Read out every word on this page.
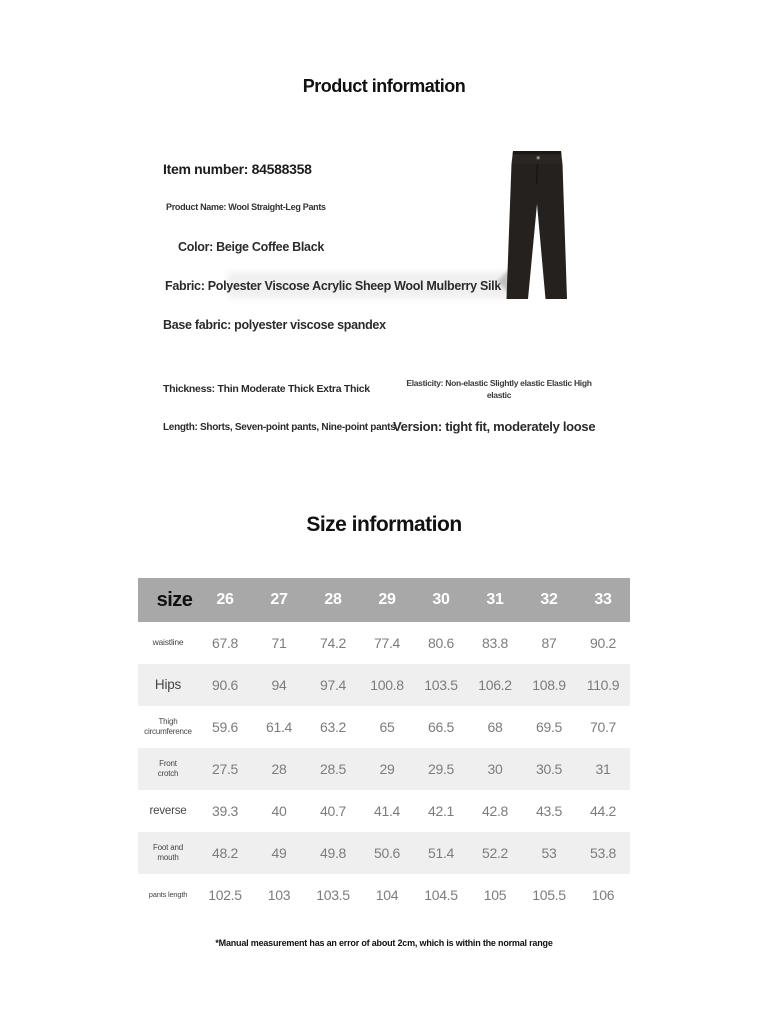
Product information
Item number: 84588358
Product Name: Wool Straight-Leg Pants
Color: Beige Coffee Black
Fabric: Polyester Viscose Acrylic Sheep Wool Mulberry Silk
Base fabric: polyester viscose spandex
Thickness: Thin Moderate Thick Extra Thick	Elasticity: Non-elastic Slightly elastic Elastic High
elastic
Length: Shorts, Seven-point pants, Nine-point pants
Version: tight fit, moderately loose
Size information
size	26	27	28	29	30	31	32	33
waistline	67.8	71	74.2	77.4	80.6	83.8	87	90.2
Hips	90.6	94	97.4	100.8	103.5	106.2	108.9	110.9
Thigh circumference	59.6	61.4	63.2	65	66.5	68	69.5	70.7
Front crotch	27.5	28	28.5	29	29.5	30	30.5	31
reverse	39.3	40	40.7	41.4	42.1	42.8	43.5	44.2
Foot and mouth	48.2	49	49.8	50.6	51.4	52.2	53	53.8
pants length	102.5	103	103.5	104	104.5	105	105.5	106
*Manual measurement has an error of about 2cm, which is within the normal range
